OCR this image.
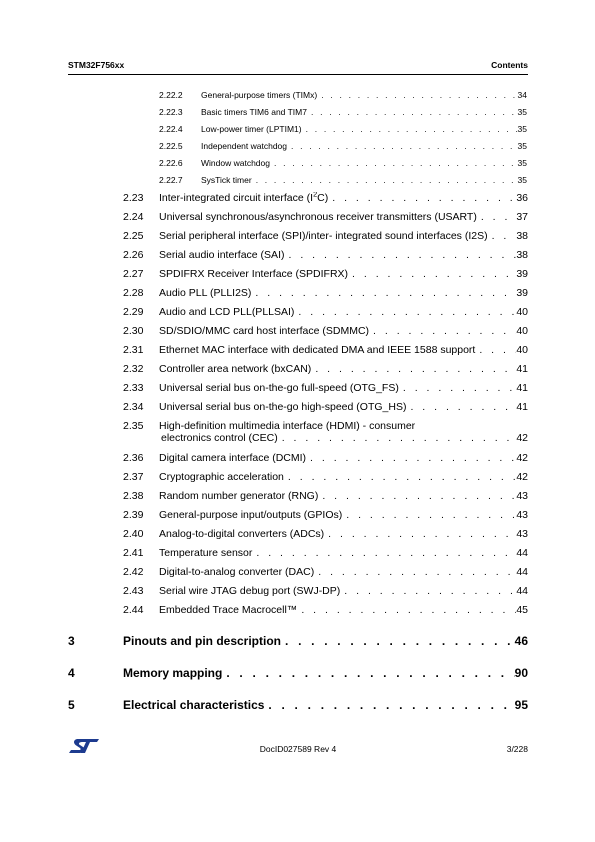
STM32F756xx	Contents
2.22.2	General-purpose timers (TIMx) . . .	34
2.22.3	Basic timers TIM6 and TIM7 . . .	35
2.22.4	Low-power timer (LPTIM1) . . .	35
2.22.5	Independent watchdog . . .	35
2.22.6	Window watchdog . . .	35
2.22.7	SysTick timer . . .	35
2.23	Inter-integrated circuit interface $(I^2C)$ . . .	36
2.24	Universal synchronous/asynchronous receiver transmitters (USART) . . .	37
2.25	Serial peripheral interface (SPI)/inter- integrated sound interfaces (I2S) . . .	38
2.26	Serial audio interface (SAI) . . .	38
2.27	SPDIFRX Receiver Interface (SPDIFRX) . . .	39
2.28	Audio PLL (PLLI2S) . . .	39
2.29	Audio and LCD PLL(PLLSAI) . . .	40
2.30	SD/SDIO/MMC card host interface (SDMMC) . . .	40
2.31	Ethernet MAC interface with dedicated DMA and IEEE 1588 support . . .	40
2.32	Controller area network (bxCAN) . . .	41
2.33	Universal serial bus on-the-go full-speed (OTG_FS) . . .	41
2.34	Universal serial bus on-the-go high-speed (OTG_HS) . . .	41
2.35	High-definition multimedia interface (HDMI) - consumer
electronics control (CEC) . . .	42
2.36	Digital camera interface (DCMI) . . .	42
2.37	Cryptographic acceleration . . .	42
2.38	Random number generator (RNG) . . .	43
2.39	General-purpose input/outputs (GPIOs) . . .	43
2.40	Analog-to-digital converters (ADCs) . . .	43
2.41	Temperature sensor . . .	44
2.42	Digital-to-analog converter (DAC) . . .	44
2.43	Serial wire JTAG debug port (SWJ-DP) . . .	44
2.44	Embedded Trace Macrocell™ . . .	45
3	Pinouts and pin description . . .	46
4	Memory mapping . . .	90
5	Electrical characteristics . . .	95
DocID027589 Rev 4	3/228
